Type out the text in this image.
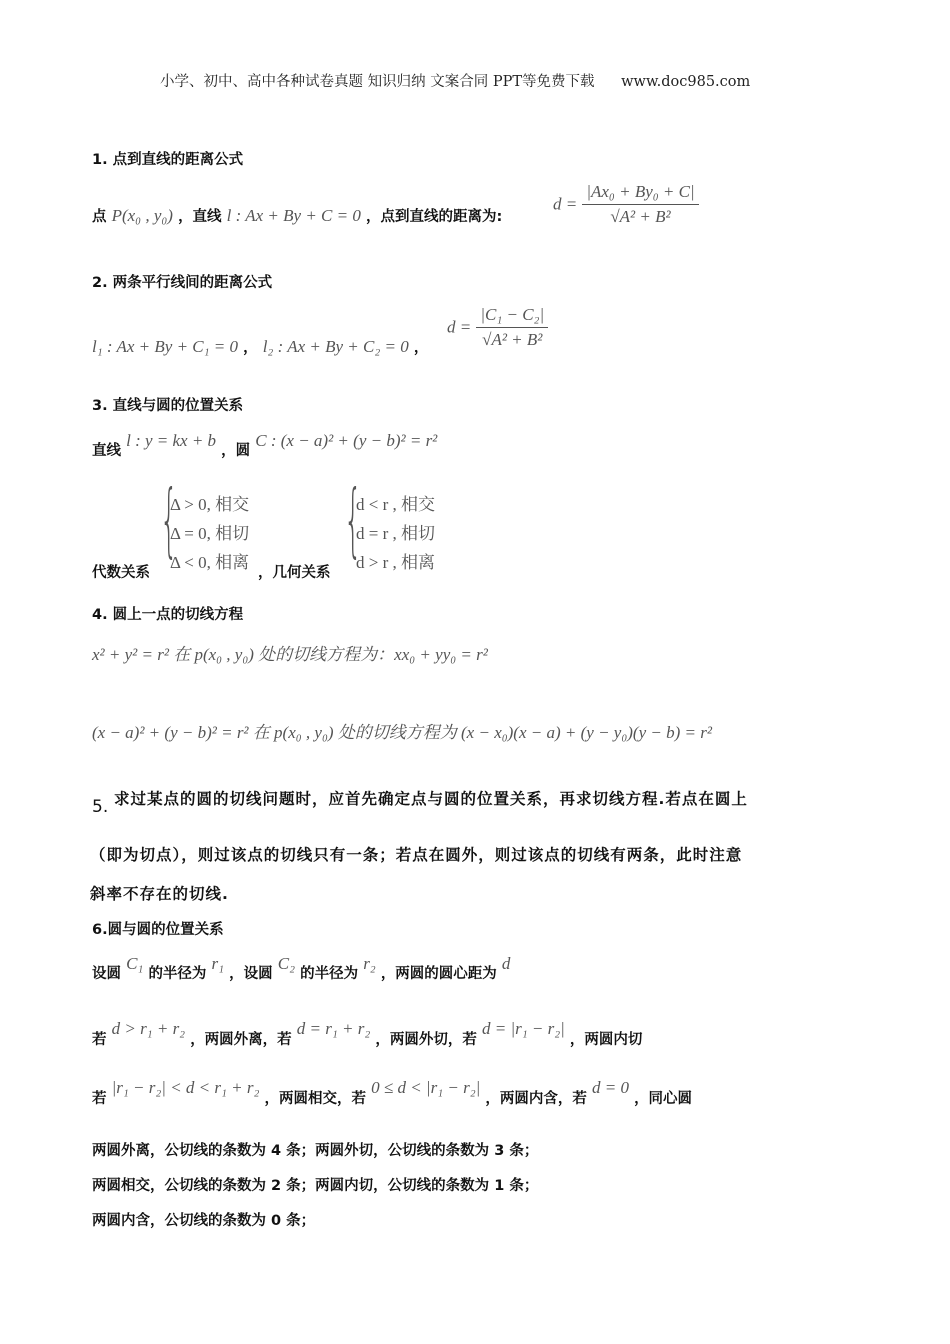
小学、初中、高中各种试卷真题 知识归纳 文案合同 PPT等免费下载 www.doc985.com
1. 点到直线的距离公式
点 P(x₀ , y₀) ，直线 l : Ax + By + C = 0 ，点到直线的距离为:
$d = \frac{\text{|Ax₀ + By₀ + C|}}{\text{√A² + B²}}$
2. 两条平行线间的距离公式
l₁ : Ax + By + C₁ = 0 ， l₂ : Ax + By + C₂ = 0 ，
$d = \frac{\text{|C₁ − C₂|}}{\text{√A² + B²}}$
3. 直线与圆的位置关系
直线 l : y = kx + b ，圆 C : (x − a)² + (y − b)² = r²
代数关系
{
Δ > 0, 相交
Δ = 0, 相切
Δ < 0, 相离
，几何关系
{
d < r , 相交
d = r , 相切
d > r , 相离
4. 圆上一点的切线方程
x² + y² = r² 在 p(x₀ , y₀) 处的切线方程为：xx₀ + yy₀ = r²
(x − a)² + (y − b)² = r² 在 p(x₀ , y₀) 处的切线方程为 (x − x₀)(x − a) + (y − y₀)(y − b) = r²
5. 求过某点的圆的切线问题时，应首先确定点与圆的位置关系，再求切线方程.若点在圆上
（即为切点），则过该点的切线只有一条；若点在圆外，则过该点的切线有两条，此时注意
斜率不存在的切线.
6.圆与圆的位置关系
设圆 C₁ 的半径为 r₁ ，设圆 C₂ 的半径为 r₂ ，两圆的圆心距为 d
若 d > r₁ + r₂ ，两圆外离，若 d = r₁ + r₂ ，两圆外切，若 d = |r₁ − r₂| ，两圆内切
若 |r₁ − r₂| < d < r₁ + r₂ ，两圆相交，若 0 ≤ d < |r₁ − r₂| ，两圆内含，若 d = 0 ，同心圆
两圆外离，公切线的条数为 4 条；两圆外切，公切线的条数为 3 条；
两圆相交，公切线的条数为 2 条；两圆内切，公切线的条数为 1 条；
两圆内含，公切线的条数为 0 条；
